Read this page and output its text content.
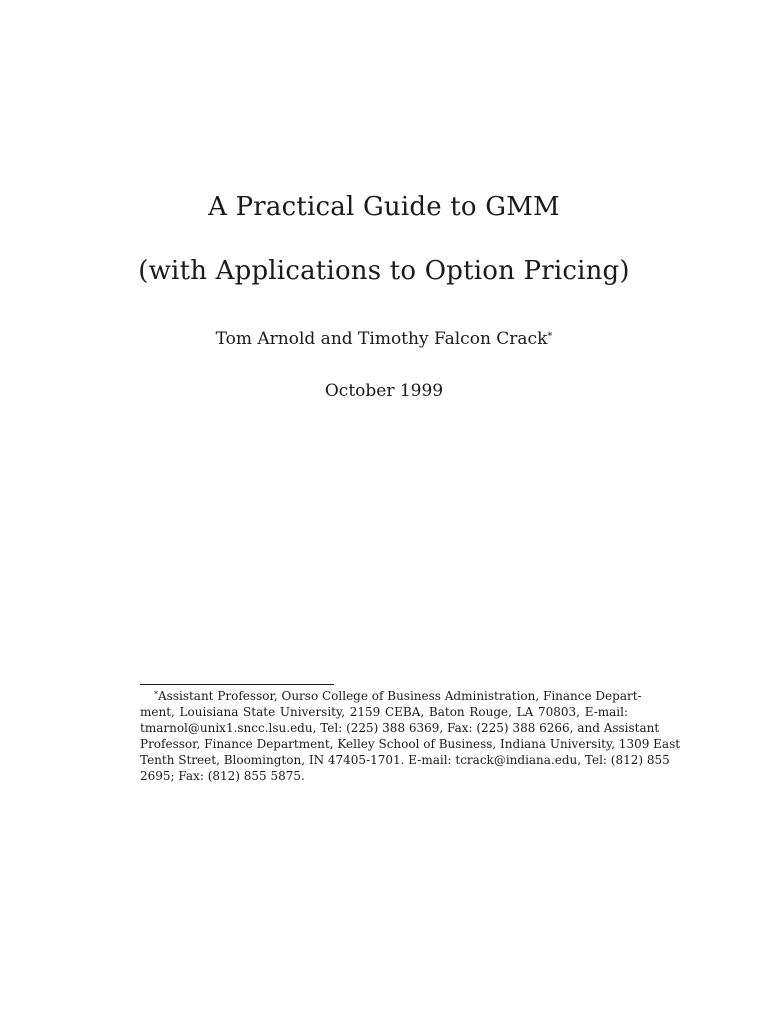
A Practical Guide to GMM
(with Applications to Option Pricing)
Tom Arnold and Timothy Falcon Crack*
October 1999
*Assistant Professor, Ourso College of Business Administration, Finance Depart-
ment, Louisiana State University, 2159 CEBA, Baton Rouge, LA 70803, E-mail:
tmarnol@unix1.sncc.lsu.edu, Tel: (225) 388 6369, Fax: (225) 388 6266, and Assistant
Professor, Finance Department, Kelley School of Business, Indiana University, 1309 East
Tenth Street, Bloomington, IN 47405-1701. E-mail: tcrack@indiana.edu, Tel: (812) 855
2695; Fax: (812) 855 5875.
